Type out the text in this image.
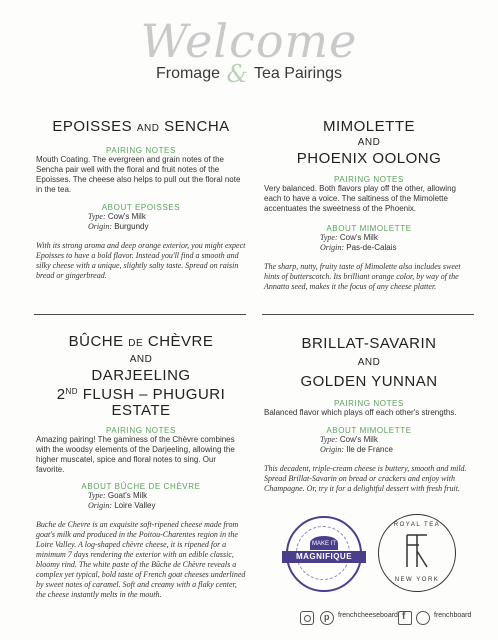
Welcome
Fromage & Tea Pairings
EPOISSES AND SENCHA
PAIRING NOTES
Mouth Coating. The evergreen and grain notes of the Sencha pair well with the floral and fruit notes of the Epoisses. The cheese also helps to pull out the floral note in the tea.
ABOUT EPOISSES
Type: Cow's Milk
Origin: Burgundy
With its strong aroma and deep orange exterior, you might expect Epoisses to have a bold flavor. Instead you'll find a smooth and silky cheese with a unique, slightly salty taste. Spread on raisin bread or gingerbread.
MIMOLETTE
AND
PHOENIX OOLONG
PAIRING NOTES
Very balanced. Both flavors play off the other, allowing each to have a voice. The saltiness of the Mimolette accentuates the sweetness of the Phoenix.
ABOUT MIMOLETTE
Type: Cow's Milk
Origin: Pas-de-Calais
The sharp, nutty, fruity taste of Mimolette also includes sweet hints of butterscotch. Its brilliant orange color, by way of the Annatto seed, makes it the focus of any cheese platter.
BÛCHE DE CHÈVRE
AND
DARJEELING
2ND FLUSH – PHUGURI
ESTATE
PAIRING NOTES
Amazing pairing! The gaminess of the Chèvre combines with the woodsy elements of the Darjeeling, allowing the higher muscatel, spice and floral notes to sing. Our favorite.
ABOUT BÛCHE DE CHÈVRE
Type: Goat's Milk
Origin: Loire Valley
Buche de Chevre is an exquisite soft-ripened cheese made from goat's milk and produced in the Poitou-Charentes region in the Loire Valley. A log-shaped chèvre cheese, it is ripened for a minimum 7 days rendering the exterior with an edible classic, bloomy rind. The white paste of the Bûche de Chèvre reveals a complex yet typical, bold taste of French goat cheeses underlined by sweet notes of caramel. Soft and creamy with a flaky center, the cheese instantly melts in the mouth.
BRILLAT-SAVARIN
AND
GOLDEN YUNNAN
PAIRING NOTES
Balanced flavor which plays off each other's strengths.
ABOUT MIMOLETTE
Type: Cow's Milk
Origin: Ile de France
This decadent, triple-cream cheese is buttery, smooth and mild. Spread Brillat-Savarin on bread or crackers and enjoy with Champagne. Or, try it for a delightful dessert with fresh fruit.
MAKE IT
MAGNIFIQUE
ROYAL TEA
NEW YORK
p frenchcheeseboard f	frenchboard
